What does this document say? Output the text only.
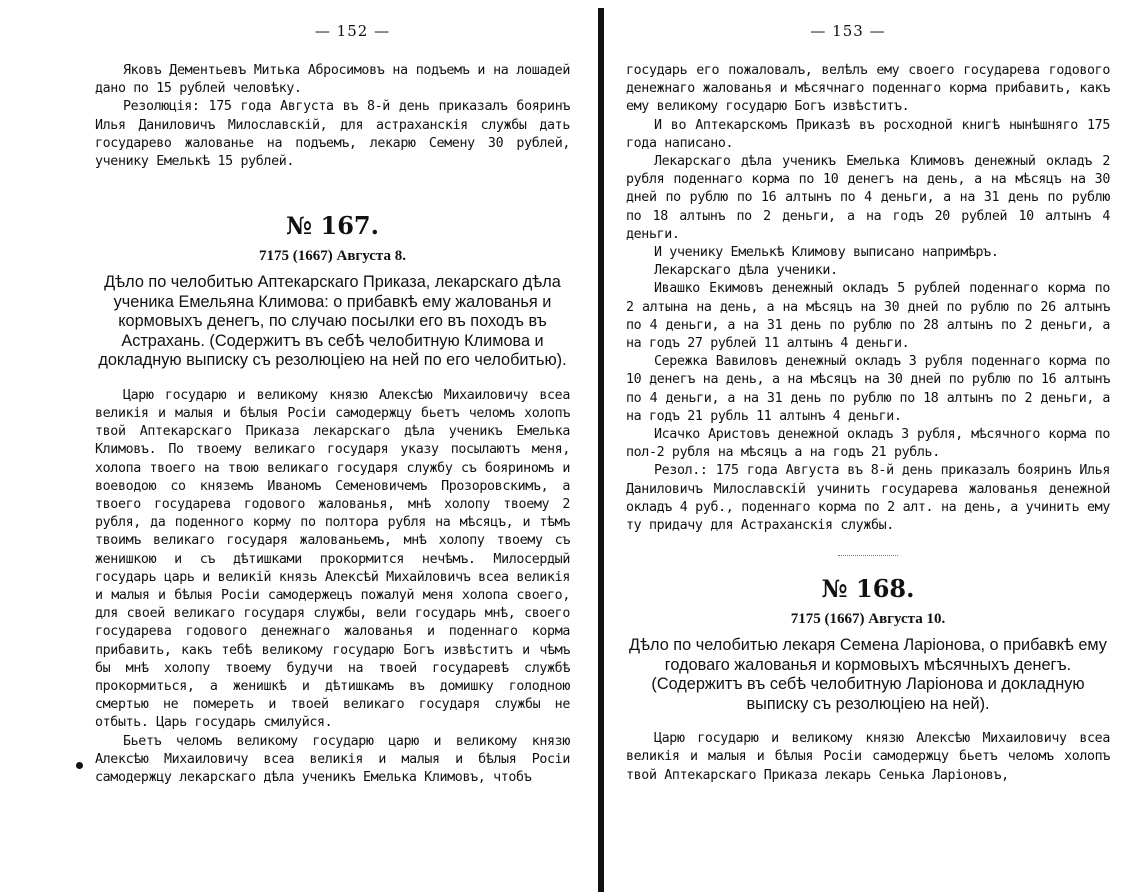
— 152 —

Яковъ Дементьевъ Митька Абросимовъ на подъемъ и на лошадей дано по 15 рублей человѣку.

Резолюція: 175 года Августа въ 8-й день приказалъ бояринъ Илья Даниловичъ Милославскій, для астраханскія службы дать государево жалованье на подъемъ, лекарю Семену 30 рублей, ученику Емелькѣ 15 рублей.

№ 167.
7175 (1667) Августа 8.
Дѣло по челобитью Аптекарскаго Приказа, лекарскаго дѣла ученика Емельяна Климова: о прибавкѣ ему жалованья и кормовыхъ денегъ, по случаю посылки его въ походъ въ Астрахань. (Содержитъ въ себѣ челобитную Климова и докладную выписку съ резолюціею на ней по его челобитью).

Царю государю и великому князю Алексѣю Михаиловичу всеа великія и малыя и бѣлыя Росіи самодержцу бьетъ челомъ холопъ твой Аптекарскаго Приказа лекарскаго дѣла ученикъ Емелька Климовъ. По твоему великаго государя указу посылаютъ меня, холопа твоего на твою великаго государя службу съ бояриномъ и воеводою со княземъ Иваномъ Семеновичемъ Прозоровскимъ, а твоего государева годового жалованья, мнѣ холопу твоему 2 рубля, да поденного корму по полтора рубля на мѣсяцъ, и тѣмъ твоимъ великаго государя жалованьемъ, мнѣ холопу твоему съ женишкою и съ дѣтишками прокормится нечѣмъ. Милосердый государь царь и великій князь Алексѣй Михайловичъ всеа великія и малыя и бѣлыя Росіи самодержецъ пожалуй меня холопа своего, для своей великаго государя службы, вели государь мнѣ, своего государева годового денежнаго жалованья и поденнаго корма прибавить, какъ тебѣ великому государю Богъ извѣститъ и чѣмъ бы мнѣ холопу твоему будучи на твоей государевѣ службѣ прокормиться, а женишкѣ и дѣтишкамъ въ домишку голодною смертью не помереть и твоей великаго государя службы не отбыть. Царь государь смилуйся.

Бьетъ челомъ великому государю царю и великому князю Алексѣю Михаиловичу всеа великія и малыя и бѣлыя Росіи самодержцу лекарскаго дѣла ученикъ Емелька Климовъ, чтобъ

— 153 —

государь его пожаловалъ, велѣлъ ему своего государева годового денежнаго жалованья и мѣсячнаго поденнаго корма прибавить, какъ ему великому государю Богъ извѣститъ.

И во Аптекарскомъ Приказѣ въ росходной книгѣ нынѣшняго 175 года написано.

Лекарскаго дѣла ученикъ Емелька Климовъ денежный окладъ 2 рубля поденнаго корма по 10 денегъ на день, а на мѣсяцъ на 30 дней по рублю по 16 алтынъ по 4 деньги, а на 31 день по рублю по 18 алтынъ по 2 деньги, а на годъ 20 рублей 10 алтынъ 4 деньги.

И ученику Емелькѣ Климову выписано напримѣръ.

Лекарскаго дѣла ученики.

Ивашко Екимовъ денежный окладъ 5 рублей поденнаго корма по 2 алтына на день, а на мѣсяцъ на 30 дней по рублю по 26 алтынъ по 4 деньги, а на 31 день по рублю по 28 алтынъ по 2 деньги, а на годъ 27 рублей 11 алтынъ 4 деньги.

Сережка Вавиловъ денежный окладъ 3 рубля поденнаго корма по 10 денегъ на день, а на мѣсяцъ на 30 дней по рублю по 16 алтынъ по 4 деньги, а на 31 день по рублю по 18 алтынъ по 2 деньги, а на годъ 21 рубль 11 алтынъ 4 деньги.

Исачко Аристовъ денежной окладъ 3 рубля, мѣсячного корма по пол-2 рубля на мѣсяцъ а на годъ 21 рубль.

Резол.: 175 года Августа въ 8-й день приказалъ бояринъ Илья Даниловичъ Милославскій учинить государева жалованья денежной окладъ 4 руб., поденнаго корма по 2 алт. на день, а учинить ему ту придачу для Астраханскія службы.

№ 168.
7175 (1667) Августа 10.
Дѣло по челобитью лекаря Семена Ларіонова, о прибавкѣ ему годоваго жалованья и кормовыхъ мѣсячныхъ денегъ. (Содержитъ въ себѣ челобитную Ларіонова и докладную выписку съ резолюціею на ней).

Царю государю и великому князю Алексѣю Михаиловичу всеа великія и малыя и бѣлыя Росіи самодержцу бьетъ челомъ холопъ твой Аптекарскаго Приказа лекарь Сенька Ларіоновъ,
